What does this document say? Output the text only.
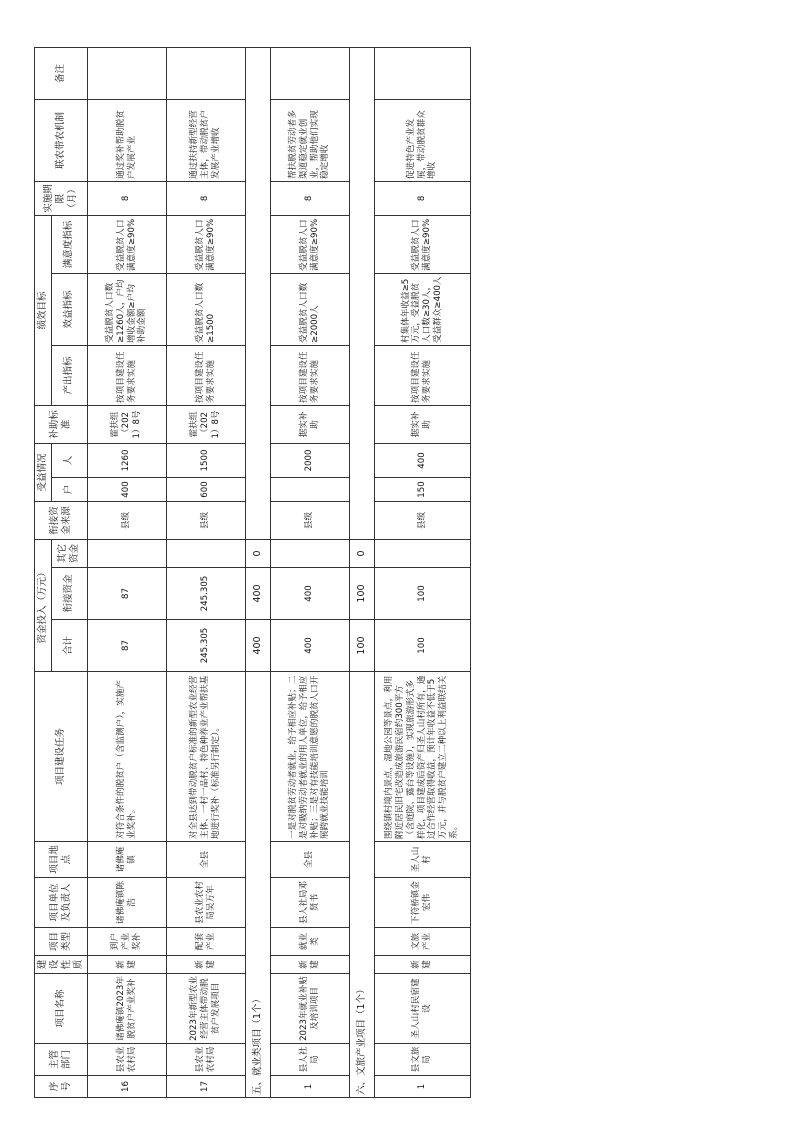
序号	主管部门	项目名称	建设性质	项目类型	项目单位及负责人	项目地点	项目建设任务	资金投入（万元）			衔接资金来源	受益情况		补助标准	绩效目标			实施期限（月）	联农带农机制	备注
								合计	衔接资金	其它资金		户	人		产出指标	效益指标	满意度指标			

16	县农业农村局	诸佛庵镇2023年脱贫户产业奖补	新建	到户产业奖补	诸佛庵镇陈浩	诸佛庵镇	对符合条件的脱贫户（含监测户），实施产业奖补。	87	87		县级	400	1260	霍扶组（2021）8号	按项目建设任务要求实施	受益脱贫人口数≥1260人，户均增收金额≥户均补助金额	受益脱贫人口满意度≥90%	8	通过奖补帮助脱贫户发展产业	
17	县农业农村局	2023年新型农业经营主体带动脱贫户发展项目	新建	配套产业	县农业农村局吴万年	全县	对全县达到带动脱贫户标准的新型农业经营主体、一村一品村、特色种养业产业帮扶基地进行奖补（标准另行制定）。	245.305	245.305		县级	600	1500	霍扶组（2021）8号	按项目建设任务要求实施	受益脱贫人口数≥1500	受益脱贫人口满意度≥90%	8	通过扶持新型经营主体，带动脱贫户发展产业增收	
五、就业类项目（1个）								400	400	0										
1	县人社局	2023年就业补贴及培训项目	新建	就业类	县人社局邓贤书	全县	一是对脱贫劳动者就业，给予相应补贴；二是对吸纳劳动者就业的用人单位，给予相应补贴；三是对有技能培训意愿的脱贫人口开展跨就业技能培训	400	400		县级		2000	据实补助	按项目建设任务要求实施	受益脱贫人口数≥2000人	受益脱贫人口满意度≥90%	8	帮扶脱贫劳动者多渠道稳定就业创业，帮助他们实现稳定增收	
六、文旅产业项目（1个）								100	100	0										
1	县文旅局	圣人山村民宿建设	新建	文旅产业	下符桥镇金宏伟	圣人山村	围绕镇村境内景点，湿地公园等景点，利用附近居民旧宅改造成旅游民宿约300平方（含庭院、露台等设施），实现旅游形式多样化，项目建成后资产归圣人山村所有，通过合作经营取得收益，预计年收益不低于5万元，并与脱贫户建立二种以上利益联结关系。	100	100		县级	150	400	据实补助	按项目建设任务要求实施	村集体年收益≥5万元，受益脱贫人口数≥30人，受益群众≥400人	受益脱贫人口满意度≥90%	8	促进特色产业发展，带动脱贫群众增收	
